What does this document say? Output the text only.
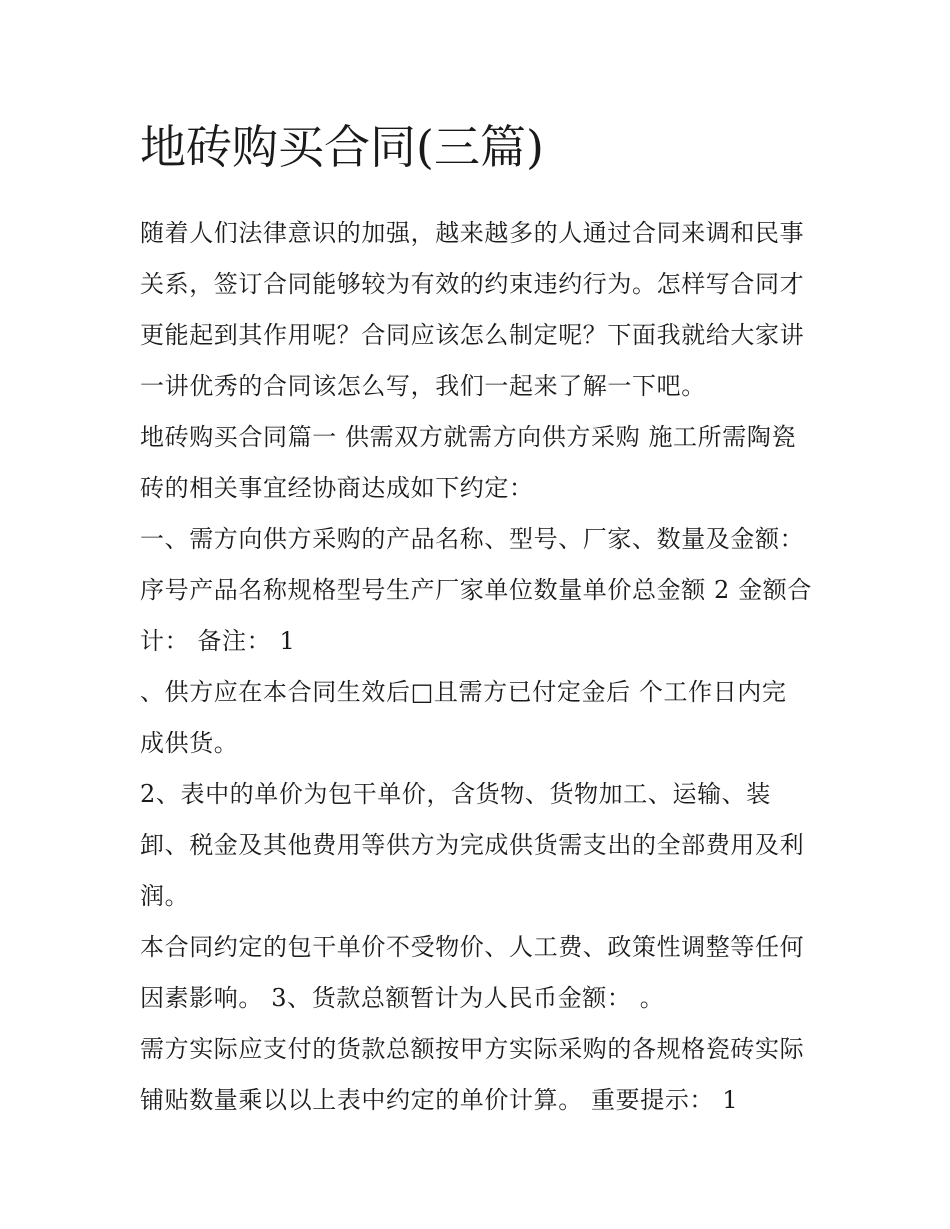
地砖购买合同(三篇)
随着人们法律意识的加强，越来越多的人通过合同来调和民事
关系，签订合同能够较为有效的约束违约行为。怎样写合同才
更能起到其作用呢？合同应该怎么制定呢？下面我就给大家讲
一讲优秀的合同该怎么写，我们一起来了解一下吧。
地砖购买合同篇一 供需双方就需方向供方采购 施工所需陶瓷
砖的相关事宜经协商达成如下约定：
一、需方向供方采购的产品名称、型号、厂家、数量及金额：
序号产品名称规格型号生产厂家单位数量单价总金额 2 金额合
计： 备注： 1
、供方应在本合同生效后□且需方已付定金后 个工作日内完
成供货。
2、表中的单价为包干单价，含货物、货物加工、运输、装
卸、税金及其他费用等供方为完成供货需支出的全部费用及利
润。
本合同约定的包干单价不受物价、人工费、政策性调整等任何
因素影响。 3、货款总额暂计为人民币金额： 。
需方实际应支付的货款总额按甲方实际采购的各规格瓷砖实际
铺贴数量乘以以上表中约定的单价计算。 重要提示： 1
